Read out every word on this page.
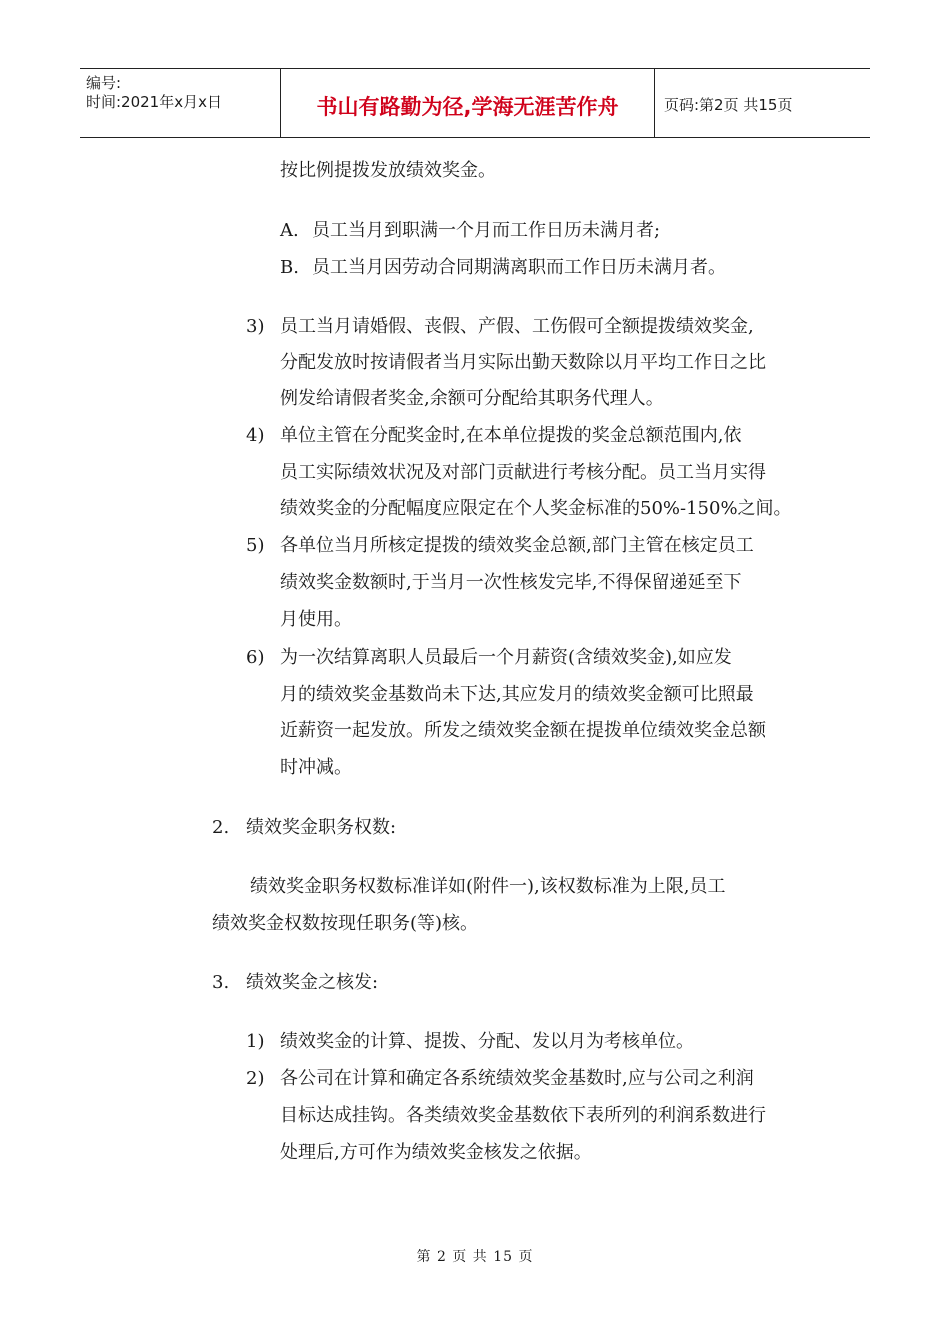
编号:
时间:2021年x月x日	书山有路勤为径,学海无涯苦作舟	页码:第2页 共15页
按比例提拨发放绩效奖金。
A. 员工当月到职满一个月而工作日历未满月者;
B. 员工当月因劳动合同期满离职而工作日历未满月者。
3) 员工当月请婚假、丧假、产假、工伤假可全额提拨绩效奖金,
分配发放时按请假者当月实际出勤天数除以月平均工作日之比
例发给请假者奖金,余额可分配给其职务代理人。
4) 单位主管在分配奖金时,在本单位提拨的奖金总额范围内,依
员工实际绩效状况及对部门贡献进行考核分配。员工当月实得
绩效奖金的分配幅度应限定在个人奖金标准的50%-150%之间。
5) 各单位当月所核定提拨的绩效奖金总额,部门主管在核定员工
绩效奖金数额时,于当月一次性核发完毕,不得保留递延至下
月使用。
6) 为一次结算离职人员最后一个月薪资(含绩效奖金),如应发
月的绩效奖金基数尚未下达,其应发月的绩效奖金额可比照最
近薪资一起发放。所发之绩效奖金额在提拨单位绩效奖金总额
时冲减。
2. 绩效奖金职务权数:
绩效奖金职务权数标准详如(附件一),该权数标准为上限,员工
绩效奖金权数按现任职务(等)核。
3. 绩效奖金之核发:
1) 绩效奖金的计算、提拨、分配、发以月为考核单位。
2) 各公司在计算和确定各系统绩效奖金基数时,应与公司之利润
目标达成挂钩。各类绩效奖金基数依下表所列的利润系数进行
处理后,方可作为绩效奖金核发之依据。
第 2 页 共 15 页
